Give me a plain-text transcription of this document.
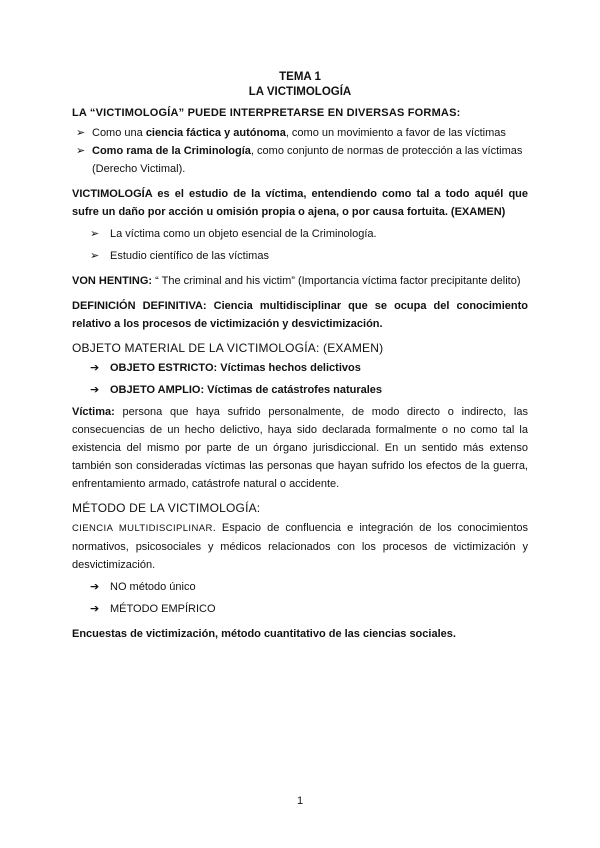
TEMA 1
LA VICTIMOLOGÍA
LA “VICTIMOLOGÍA” PUEDE INTERPRETARSE EN DIVERSAS FORMAS:
➢ Como una ciencia fáctica y autónoma, como un movimiento a favor de las víctimas
➢ Como rama de la Criminología, como conjunto de normas de protección a las víctimas (Derecho Victimal).

VICTIMOLOGÍA es el estudio de la víctima, entendiendo como tal a todo aquél que sufre un daño por acción u omisión propia o ajena, o por causa fortuita. (EXAMEN)

➢ La víctima como un objeto esencial de la Criminología.
➢ Estudio científico de las víctimas

VON HENTING: “ The criminal and his victim” (Importancia víctima factor precipitante delito)

DEFINICIÓN DEFINITIVA: Ciencia multidisciplinar que se ocupa del conocimiento relativo a los procesos de victimización y desvictimización.

OBJETO MATERIAL DE LA VICTIMOLOGÍA: (EXAMEN)
➔ OBJETO ESTRICTO: Víctimas hechos delictivos
➔ OBJETO AMPLIO: Víctimas de catástrofes naturales

Víctima: persona que haya sufrido personalmente, de modo directo o indirecto, las consecuencias de un hecho delictivo, haya sido declarada formalmente o no como tal la existencia del mismo por parte de un órgano jurisdiccional. En un sentido más extenso también son consideradas víctimas las personas que hayan sufrido los efectos de la guerra, enfrentamiento armado, catástrofe natural o accidente.

MÉTODO DE LA VICTIMOLOGÍA:

CIENCIA MULTIDISCIPLINAR. Espacio de confluencia e integración de los conocimientos normativos, psicosociales y médicos relacionados con los procesos de victimización y desvictimización.

➔ NO método único
➔ MÉTODO EMPÍRICO

Encuestas de victimización, método cuantitativo de las ciencias sociales.

1
